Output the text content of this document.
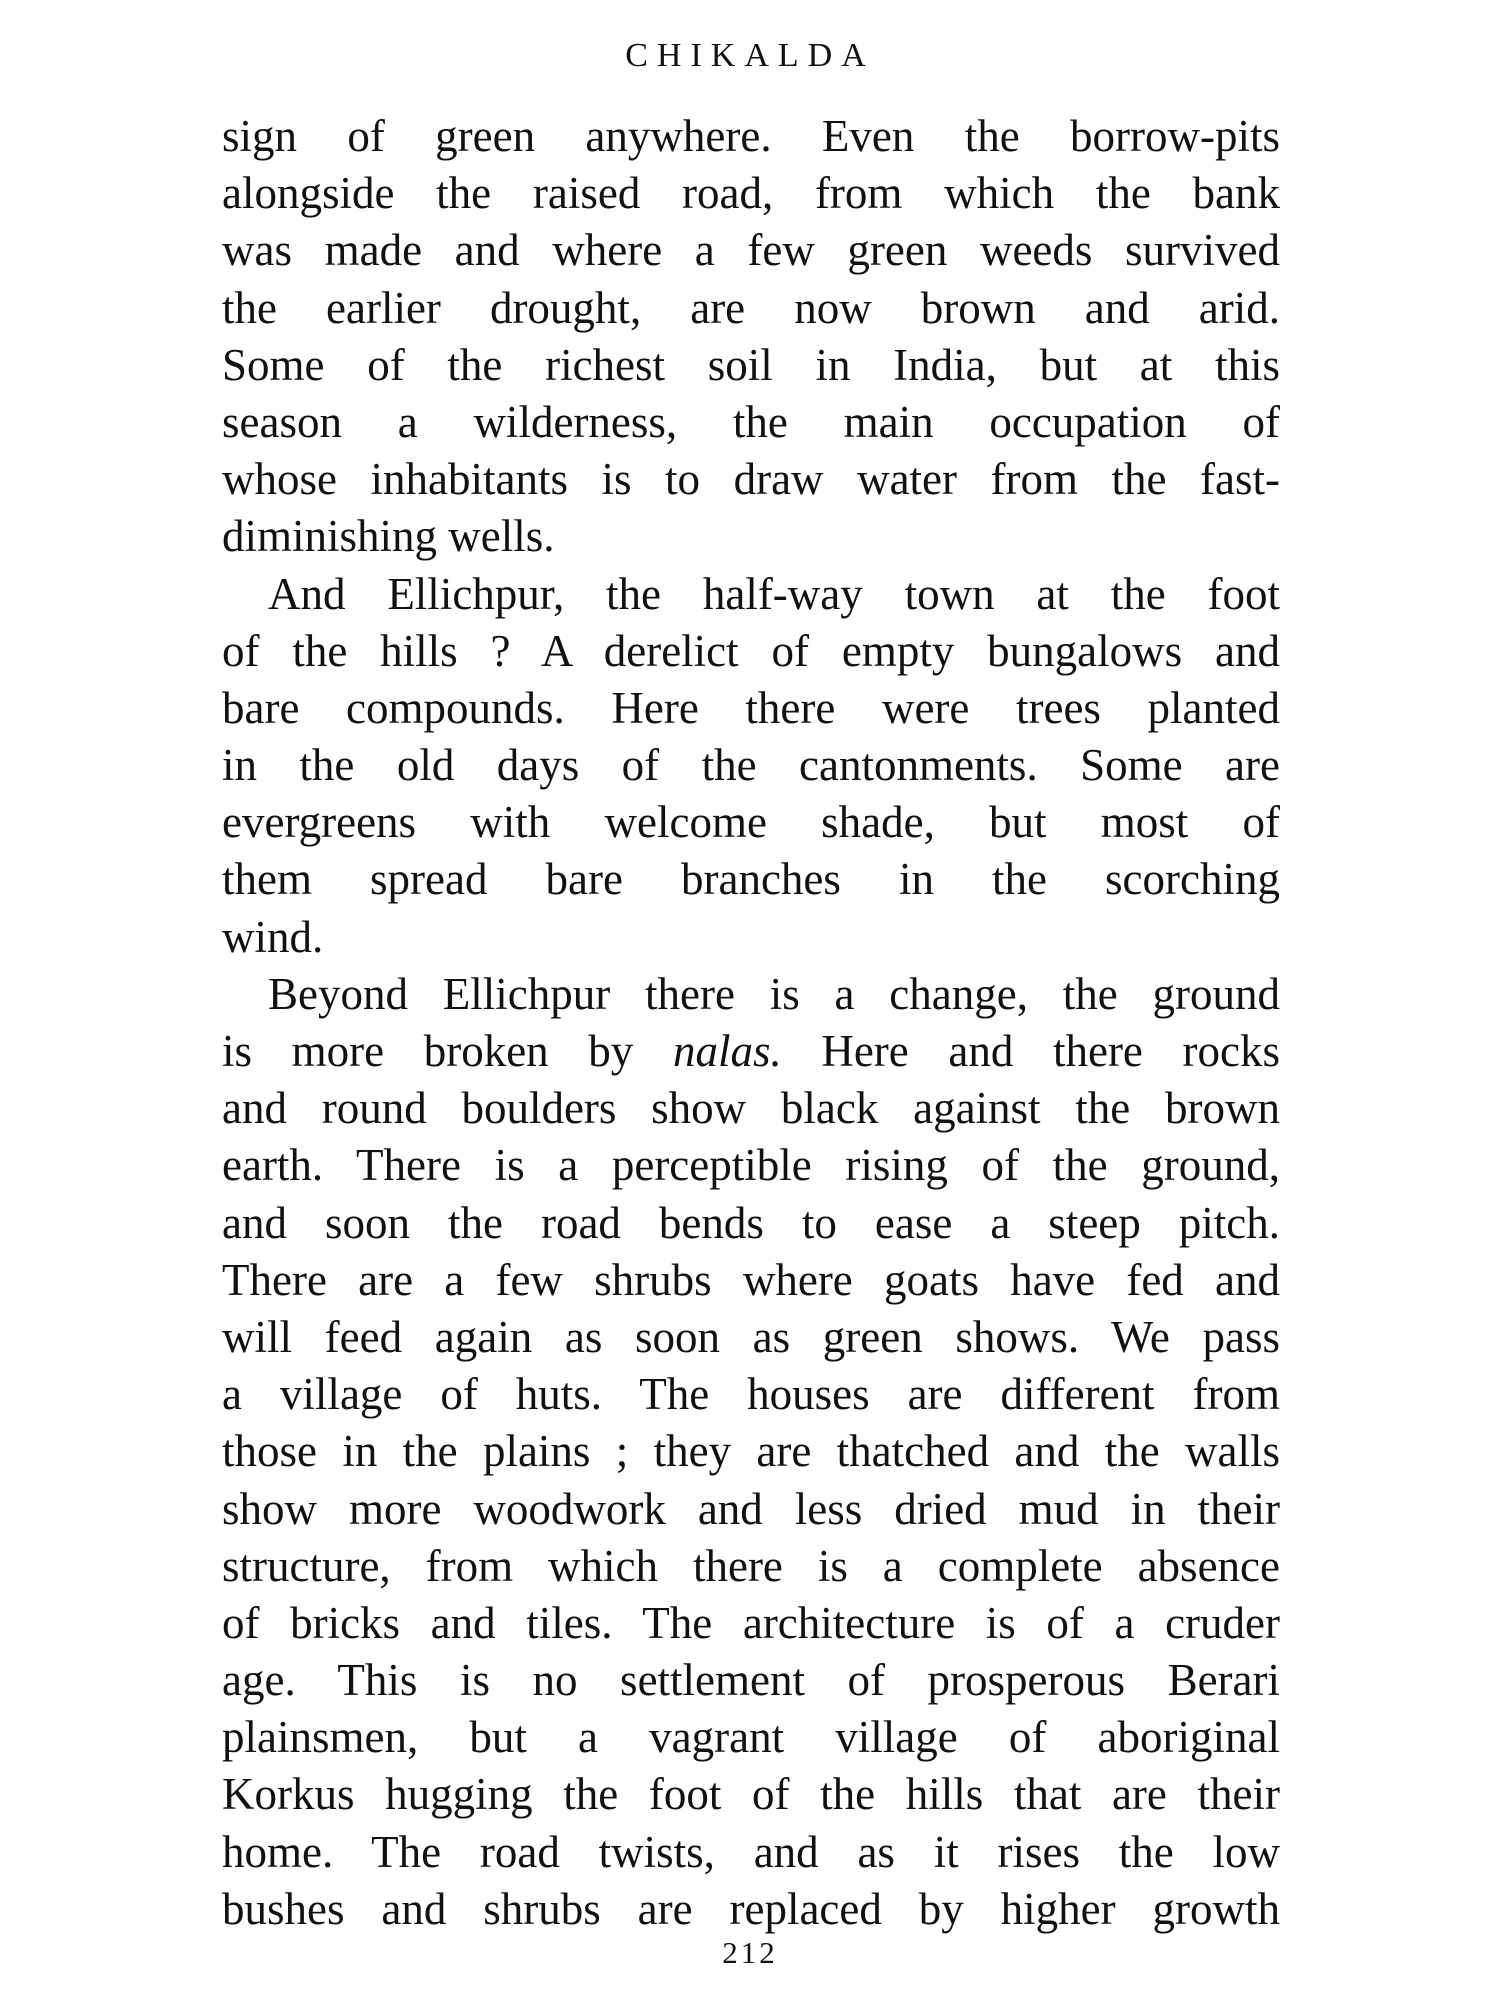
CHIKALDA
sign of green anywhere. Even the borrow-pits
alongside the raised road, from which the bank
was made and where a few green weeds survived
the earlier drought, are now brown and arid.
Some of the richest soil in India, but at this
season a wilderness, the main occupation of
whose inhabitants is to draw water from the fast-
diminishing wells.
And Ellichpur, the half-way town at the foot
of the hills ? A derelict of empty bungalows and
bare compounds. Here there were trees planted
in the old days of the cantonments. Some are
evergreens with welcome shade, but most of
them spread bare branches in the scorching
wind.
Beyond Ellichpur there is a change, the ground
is more broken by nalas. Here and there rocks
and round boulders show black against the brown
earth. There is a perceptible rising of the ground,
and soon the road bends to ease a steep pitch.
There are a few shrubs where goats have fed and
will feed again as soon as green shows. We pass
a village of huts. The houses are different from
those in the plains ; they are thatched and the walls
show more woodwork and less dried mud in their
structure, from which there is a complete absence
of bricks and tiles. The architecture is of a cruder
age. This is no settlement of prosperous Berari
plainsmen, but a vagrant village of aboriginal
Korkus hugging the foot of the hills that are their
home. The road twists, and as it rises the low
bushes and shrubs are replaced by higher growth
212
